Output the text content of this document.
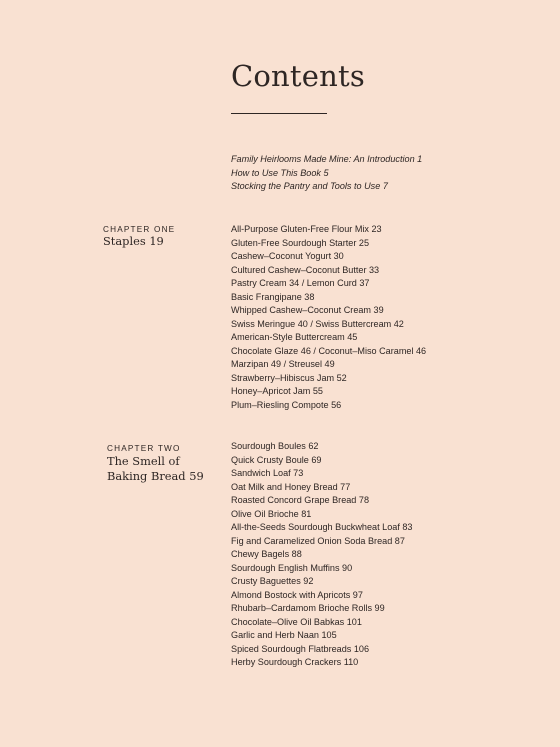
Contents
Family Heirlooms Made Mine: An Introduction 1
How to Use This Book 5
Stocking the Pantry and Tools to Use 7
CHAPTER ONE
Staples 19
All-Purpose Gluten-Free Flour Mix 23
Gluten-Free Sourdough Starter 25
Cashew–Coconut Yogurt 30
Cultured Cashew–Coconut Butter 33
Pastry Cream 34 / Lemon Curd 37
Basic Frangipane 38
Whipped Cashew–Coconut Cream 39
Swiss Meringue 40 / Swiss Buttercream 42
American-Style Buttercream 45
Chocolate Glaze 46 / Coconut–Miso Caramel 46
Marzipan 49 / Streusel 49
Strawberry–Hibiscus Jam 52
Honey–Apricot Jam 55
Plum–Riesling Compote 56
CHAPTER TWO
The Smell of
Baking Bread 59
Sourdough Boules 62
Quick Crusty Boule 69
Sandwich Loaf 73
Oat Milk and Honey Bread 77
Roasted Concord Grape Bread 78
Olive Oil Brioche 81
All-the-Seeds Sourdough Buckwheat Loaf 83
Fig and Caramelized Onion Soda Bread 87
Chewy Bagels 88
Sourdough English Muffins 90
Crusty Baguettes 92
Almond Bostock with Apricots 97
Rhubarb–Cardamom Brioche Rolls 99
Chocolate–Olive Oil Babkas 101
Garlic and Herb Naan 105
Spiced Sourdough Flatbreads 106
Herby Sourdough Crackers 110
